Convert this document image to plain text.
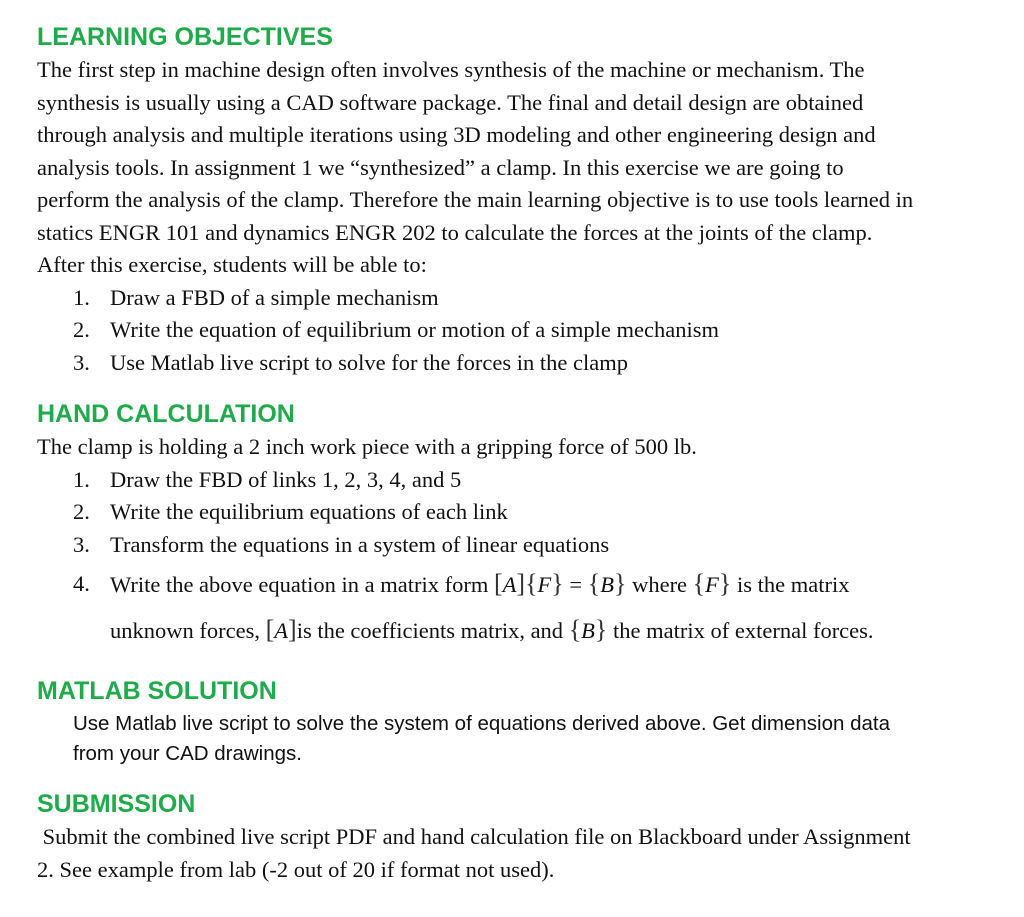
LEARNING OBJECTIVES
The first step in machine design often involves synthesis of the machine or mechanism. The
synthesis is usually using a CAD software package. The final and detail design are obtained
through analysis and multiple iterations using 3D modeling and other engineering design and
analysis tools. In assignment 1 we “synthesized” a clamp. In this exercise we are going to
perform the analysis of the clamp. Therefore the main learning objective is to use tools learned in
statics ENGR 101 and dynamics ENGR 202 to calculate the forces at the joints of the clamp.
After this exercise, students will be able to:
1. Draw a FBD of a simple mechanism
2. Write the equation of equilibrium or motion of a simple mechanism
3. Use Matlab live script to solve for the forces in the clamp
HAND CALCULATION
The clamp is holding a 2 inch work piece with a gripping force of 500 lb.
1. Draw the FBD of links 1, 2, 3, 4, and 5
2. Write the equilibrium equations of each link
3. Transform the equations in a system of linear equations
4. Write the above equation in a matrix form [A]{F} = {B} where {F} is the matrix
unknown forces, [A]is the coefficients matrix, and {B} the matrix of external forces.
MATLAB SOLUTION
Use Matlab live script to solve the system of equations derived above. Get dimension data
from your CAD drawings.
SUBMISSION
Submit the combined live script PDF and hand calculation file on Blackboard under Assignment
2. See example from lab (-2 out of 20 if format not used).
